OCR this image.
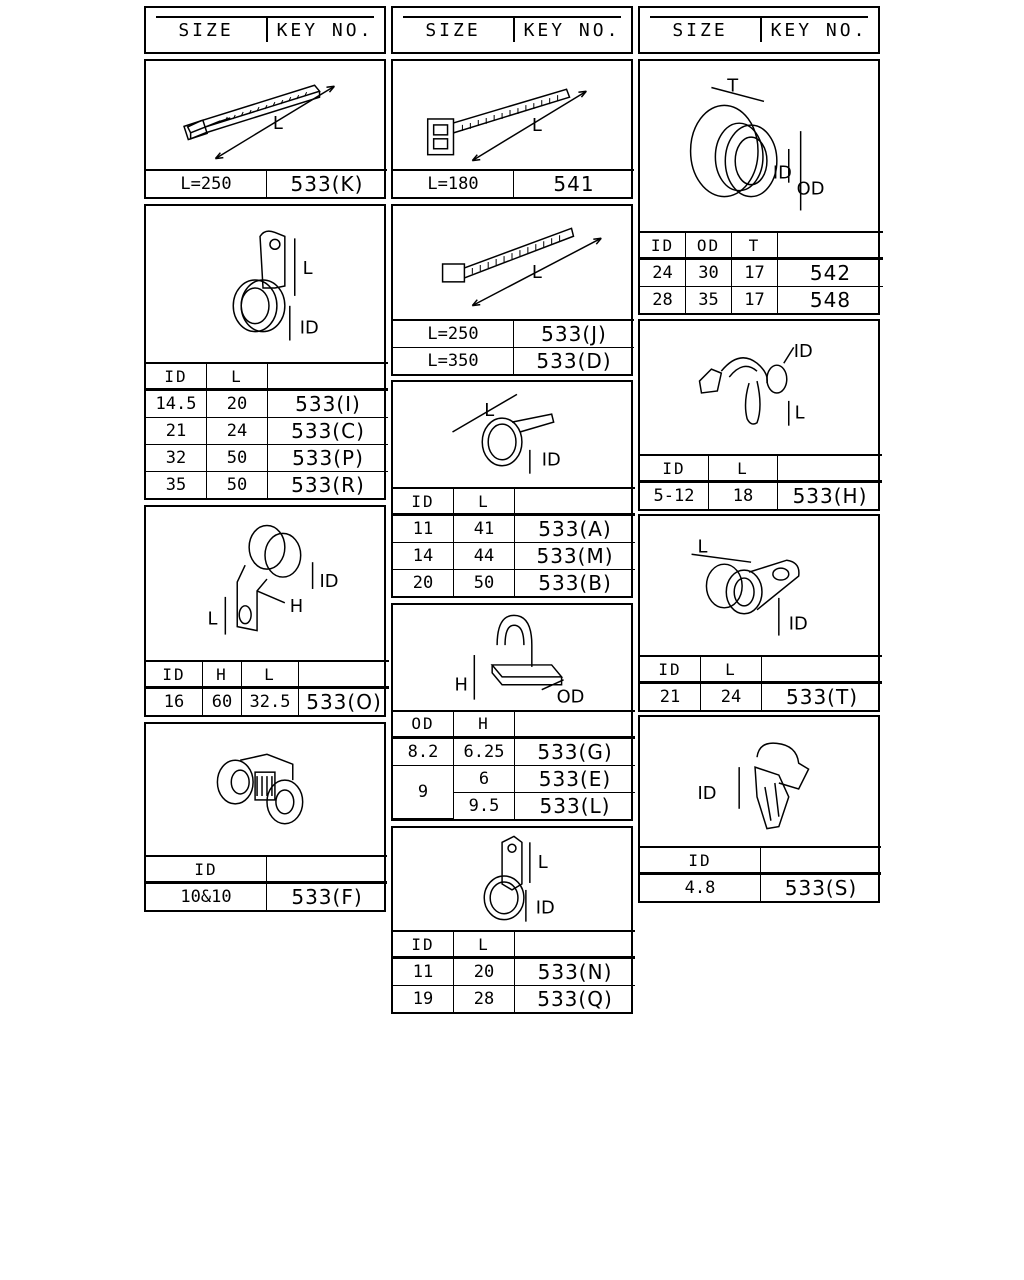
SIZE	KEY NO.	SIZE	KEY NO.	SIZE	KEY NO.
L
L=250	533(K)
L
ID
ID	L	
14.5	20	533(I)
21	24	533(C)
32	50	533(P)
35	50	533(R)
ID
H
L
ID	H	L	
16	60	32.5	533(O)
ID	
10&10	533(F)
L
L=180	541
L
L=250	533(J)
L=350	533(D)
L
ID
ID	L	
11	41	533(A)
14	44	533(M)
20	50	533(B)
H
OD
OD	H	
8.2	6.25	533(G)
9	6	533(E)
	9.5	533(L)
L
ID
ID	L	
11	20	533(N)
19	28	533(Q)
T
ID
OD
ID	OD	T	
24	30	17	542
28	35	17	548
ID
L
ID	L	
5-12	18	533(H)
L
ID
ID	L	
21	24	533(T)
ID
ID	
4.8	533(S)
